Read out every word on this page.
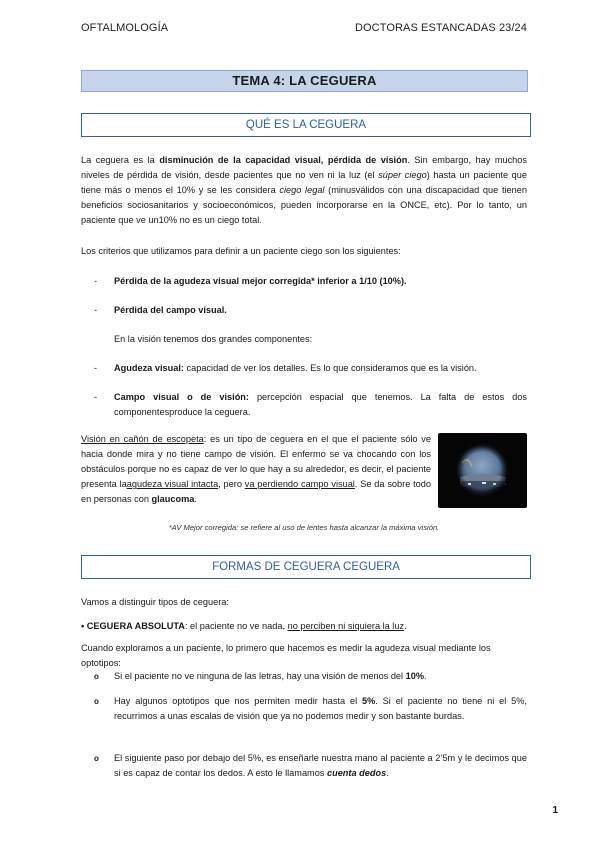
OFTALMOLOGÍA	DOCTORAS ESTANCADAS 23/24
TEMA 4: LA CEGUERA
QUÉ ES LA CEGUERA
La ceguera es la disminución de la capacidad visual, pérdida de visión. Sin embargo, hay muchos niveles de pérdida de visión, desde pacientes que no ven ni la luz (el súper ciego) hasta un paciente que tiene más o menos el 10% y se les considera ciego legal (minusválidos con una discapacidad que tienen beneficios sociosanitarios y socioeconómicos, pueden incorporarse en la ONCE, etc). Por lo tanto, un paciente que ve un10% no es un ciego total.
Los criterios que utilizamos para definir a un paciente ciego son los siguientes:
- Pérdida de la agudeza visual mejor corregida* inferior a 1/10 (10%).
- Pérdida del campo visual.
En la visión tenemos dos grandes componentes:
- Agudeza visual: capacidad de ver los detalles. Es lo que consideramos que es la visión.
- Campo visual o de visión: percepción espacial que tenemos. La falta de estos dos componentesproduce la ceguera.
Visión en cañón de escopeta: es un tipo de ceguera en el que el paciente sólo ve hacia donde mira y no tiene campo de visión. El enfermo se va chocando con los obstáculos porque no es capaz de ver lo que hay a su alrededor, es decir, el paciente presenta laagudeza visual intacta, pero va perdiendo campo visual. Se da sobre todo en personas con glaucoma.
*AV Mejor corregida: se refiere al uso de lentes hasta alcanzar la máxima visión.
FORMAS DE CEGUERA CEGUERA
Vamos a distinguir tipos de ceguera:
• CEGUERA ABSOLUTA: el paciente no ve nada, no perciben ni siquiera la luz.
Cuando exploramos a un paciente, lo primero que hacemos es medir la agudeza visual mediante los optotipos:
o Si el paciente no ve ninguna de las letras, hay una visión de menos del 10%.
o Hay algunos optotipos que nos permiten medir hasta el 5%. Si el paciente no tiene ni el 5%, recurrimos a unas escalas de visión que ya no podemos medir y son bastante burdas.
o El siguiente paso por debajo del 5%, es enseñarle nuestra mano al paciente a 2’5m y le decimos que si es capaz de contar los dedos. A esto le llamamos cuenta dedos.
1
